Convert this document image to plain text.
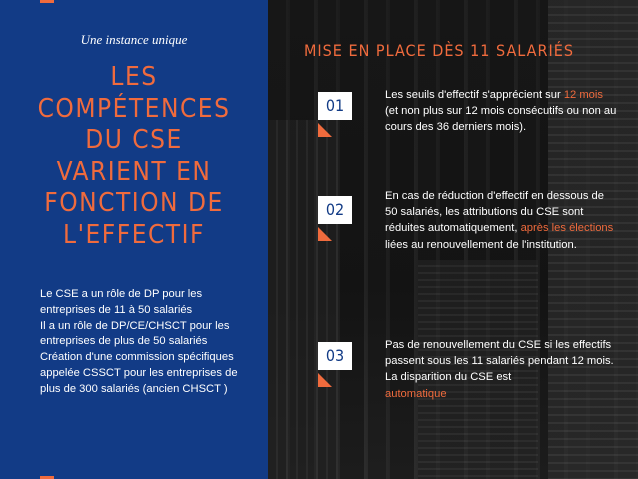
Une instance unique
LES
COMPÉTENCES
DU CSE
VARIENT EN
FONCTION DE
L'EFFECTIF
Le CSE a un rôle de DP pour les entreprises de 11 à 50 salariés
Il a un rôle de DP/CE/CHSCT pour les entreprises de plus de 50 salariés
Création d'une commission spécifiques appelée CSSCT pour les entreprises de plus de 300 salariés (ancien CHSCT )
MISE EN PLACE DÈS 11 SALARIÉS
01
Les seuils d'effectif s'apprécient sur 12 mois (et non plus sur 12 mois consécutifs ou non au cours des 36 derniers mois).
02
En cas de réduction d'effectif en dessous de 50 salariés, les attributions du CSE sont réduites automatiquement, après les élections liées au renouvellement de l'institution.
03
Pas de renouvellement du CSE si les effectifs passent sous les 11 salariés pendant 12 mois.
La disparition du CSE est
automatique
